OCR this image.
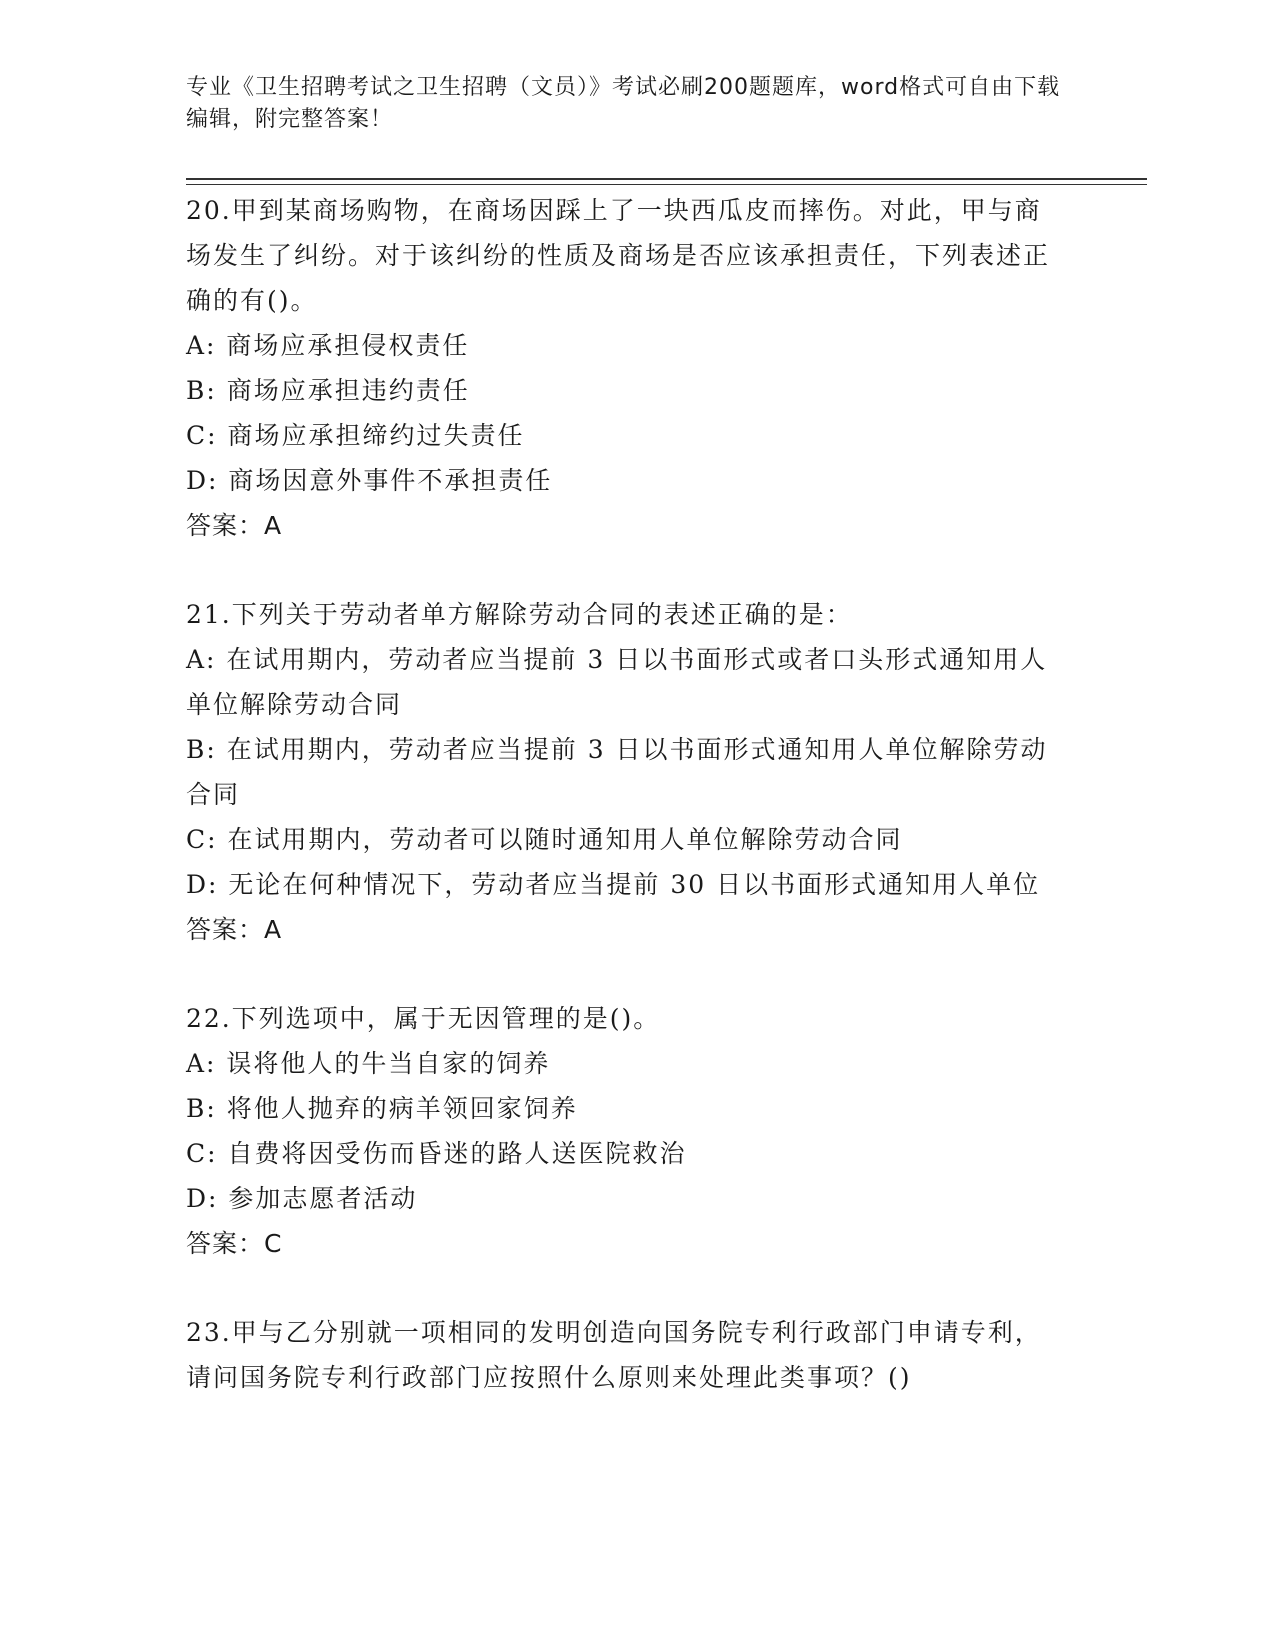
专业《卫生招聘考试之卫生招聘（文员）》考试必刷200题题库，word格式可自由下载编辑，附完整答案！
20.甲到某商场购物，在商场因踩上了一块西瓜皮而摔伤。对此，甲与商场发生了纠纷。对于该纠纷的性质及商场是否应该承担责任，下列表述正确的有()。
A: 商场应承担侵权责任
B: 商场应承担违约责任
C: 商场应承担缔约过失责任
D: 商场因意外事件不承担责任
答案：A
21.下列关于劳动者单方解除劳动合同的表述正确的是：
A: 在试用期内，劳动者应当提前 3 日以书面形式或者口头形式通知用人单位解除劳动合同
B: 在试用期内，劳动者应当提前 3 日以书面形式通知用人单位解除劳动合同
C: 在试用期内，劳动者可以随时通知用人单位解除劳动合同
D: 无论在何种情况下，劳动者应当提前 30 日以书面形式通知用人单位
答案：A
22.下列选项中，属于无因管理的是()。
A: 误将他人的牛当自家的饲养
B: 将他人抛弃的病羊领回家饲养
C: 自费将因受伤而昏迷的路人送医院救治
D: 参加志愿者活动
答案：C
23.甲与乙分别就一项相同的发明创造向国务院专利行政部门申请专利，请问国务院专利行政部门应按照什么原则来处理此类事项？()
